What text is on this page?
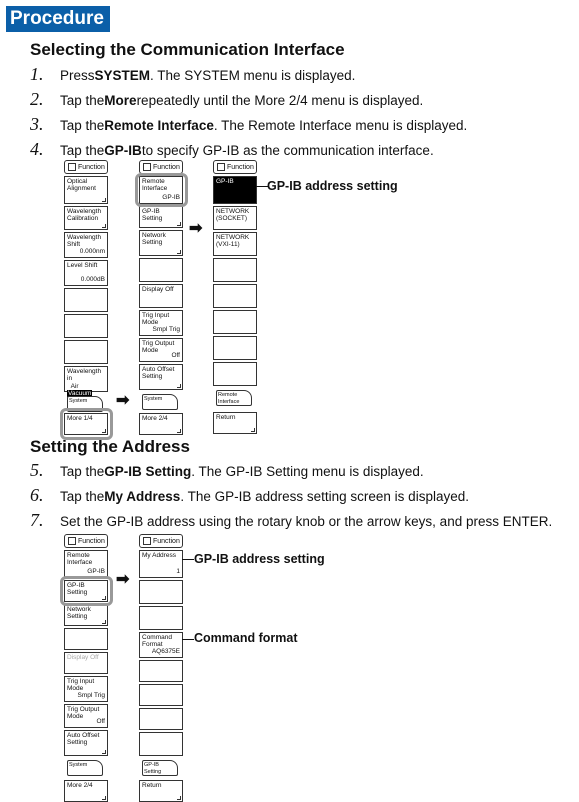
Procedure
Selecting the Communication Interface
1.	Press SYSTEM . The SYSTEM menu is displayed.
2.	Tap the More repeatedly until the More 2/4 menu is displayed.
3.	Tap the Remote Interface . The Remote Interface menu is displayed.
4.	Tap the GP-IB to specify GP-IB as the communication interface.
Function
Optical Alignment
Wavelength Calibration
Wavelength Shift
0.000nm
Level Shift
0.000dB
Wavelength in
Air Vacuum
System
More 1/4
➡
Function
Remote Interface
GP-IB
GP-IB Setting
Network Setting
Display Off
Trig Input Mode
Smpl Trig
Trig Output Mode
Off
Auto Offset Setting
System
More 2/4
➡
Function
GP-IB
NETWORK (SOCKET)
NETWORK (VXI-11)
Remote Interface
Return
GP-IB address setting
Setting the Address
5.	Tap the GP-IB Setting . The GP-IB Setting menu is displayed.
6.	Tap the My Address . The GP-IB address setting screen is displayed.
7.	Set the GP-IB address using the rotary knob or the arrow keys, and press ENTER.
Function
Remote Interface
GP-IB
GP-IB Setting
Network Setting
Display Off
Trig Input Mode
Smpl Trig
Trig Output Mode
Off
Auto Offset Setting
System
More 2/4
➡
Function
My Address
1
Command Format
AQ6375E
GP-IB Setting
Return
GP-IB address setting
Command format
